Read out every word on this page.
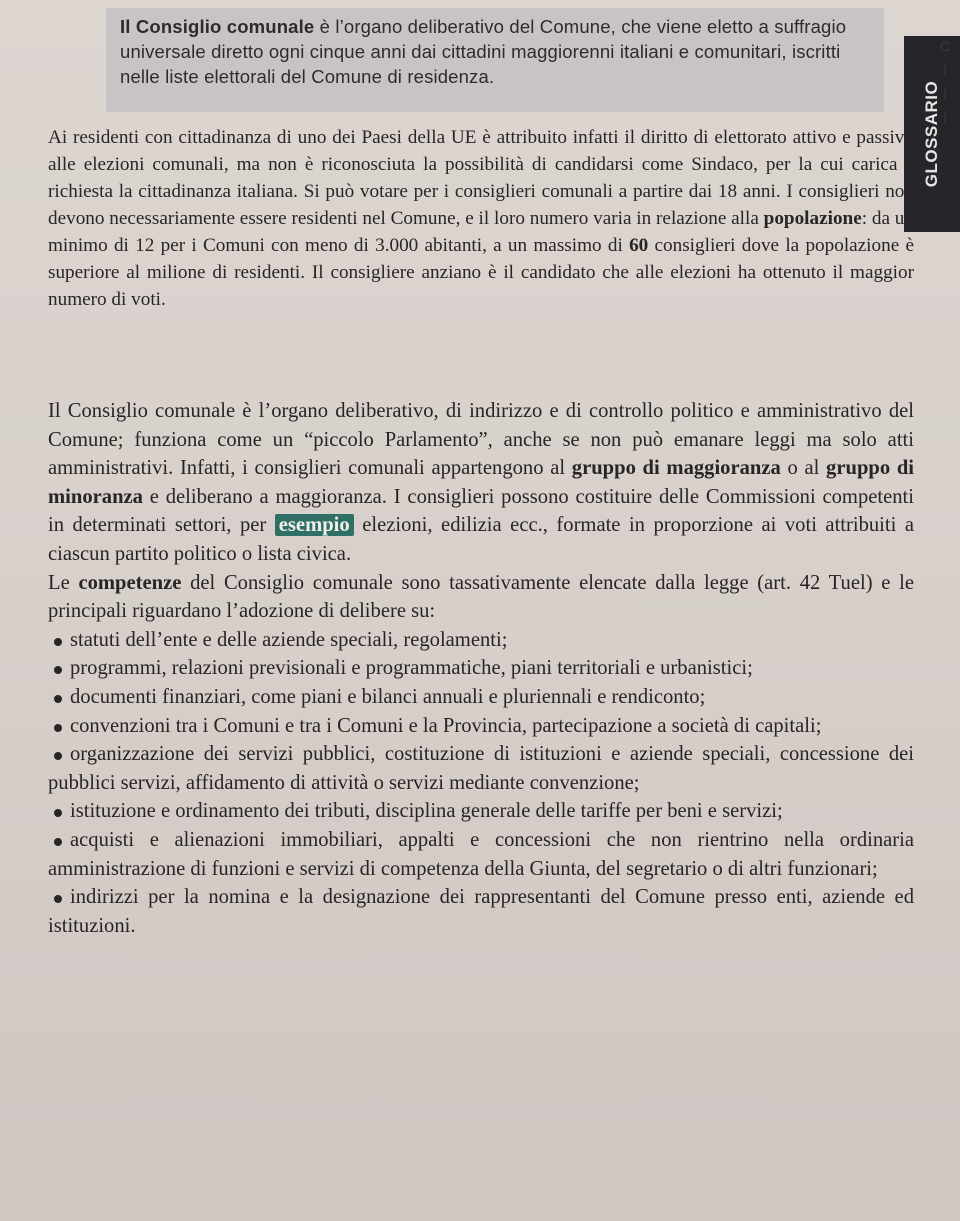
Il Consiglio comunale è l’organo deliberativo del Comune, che viene eletto a suffragio universale diretto ogni cinque anni dai cittadini maggiorenni italiani e comunitari, iscritti nelle liste elettorali del Comune di residenza.

GLOSSARIO
C
l
l
l

Ai residenti con cittadinanza di uno dei Paesi della UE è attribuito infatti il diritto di elettorato attivo e passivo alle elezioni comunali, ma non è riconosciuta la possibilità di candidarsi come Sindaco, per la cui carica è richiesta la cittadinanza italiana. Si può votare per i consiglieri comunali a partire dai 18 anni. I consiglieri non devono necessariamente essere residenti nel Comune, e il loro numero varia in relazione alla popolazione: da un minimo di 12 per i Comuni con meno di 3.000 abitanti, a un massimo di 60 consiglieri dove la popolazione è superiore al milione di residenti. Il consigliere anziano è il candidato che alle elezioni ha ottenuto il maggior numero di voti.

Il Consiglio comunale è l’organo deliberativo, di indirizzo e di controllo politico e amministrativo del Comune; funziona come un “piccolo Parlamento”, anche se non può emanare leggi ma solo atti amministrativi. Infatti, i consiglieri comunali appartengono al gruppo di maggioranza o al gruppo di minoranza e deliberano a maggioranza. I consiglieri possono costituire delle Commissioni competenti in determinati settori, per esempio elezioni, edilizia ecc., formate in proporzione ai voti attribuiti a ciascun partito politico o lista civica.

Le competenze del Consiglio comunale sono tassativamente elencate dalla legge (art. 42 Tuel) e le principali riguardano l’adozione di delibere su:

statuti dell’ente e delle aziende speciali, regolamenti;
programmi, relazioni previsionali e programmatiche, piani territoriali e urbanistici;
documenti finanziari, come piani e bilanci annuali e pluriennali e rendiconto;
convenzioni tra i Comuni e tra i Comuni e la Provincia, partecipazione a società di capitali;
organizzazione dei servizi pubblici, costituzione di istituzioni e aziende speciali, concessione dei pubblici servizi, affidamento di attività o servizi mediante convenzione;
istituzione e ordinamento dei tributi, disciplina generale delle tariffe per beni e servizi;
acquisti e alienazioni immobiliari, appalti e concessioni che non rientrino nella ordinaria amministrazione di funzioni e servizi di competenza della Giunta, del segretario o di altri funzionari;
indirizzi per la nomina e la designazione dei rappresentanti del Comune presso enti, aziende ed istituzioni.
